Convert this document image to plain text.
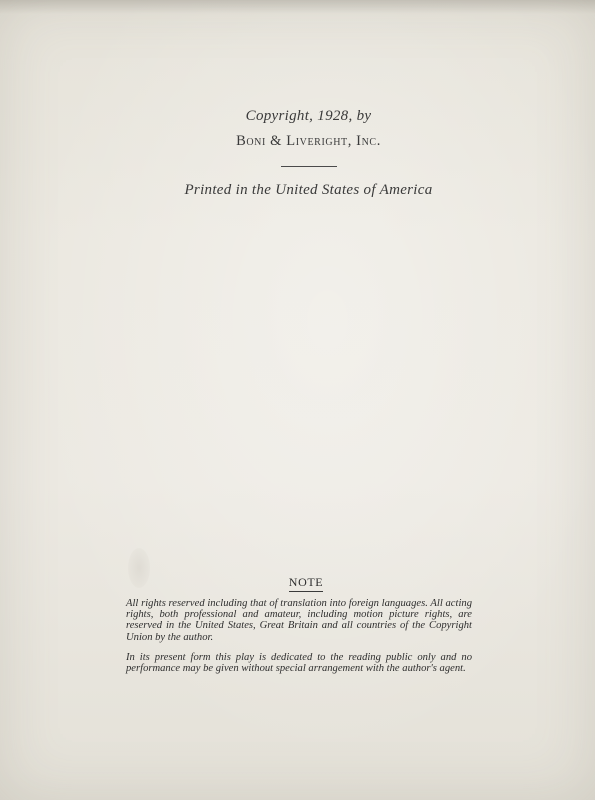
Copyright, 1928, by
Boni & Liveright, Inc.
Printed in the United States of America
NOTE

All rights reserved including that of translation into foreign languages. All acting rights, both professional and amateur, including motion picture rights, are reserved in the United States, Great Britain and all countries of the Copyright Union by the author.

In its present form this play is dedicated to the reading public only and no performance may be given without special arrangement with the author's agent.
